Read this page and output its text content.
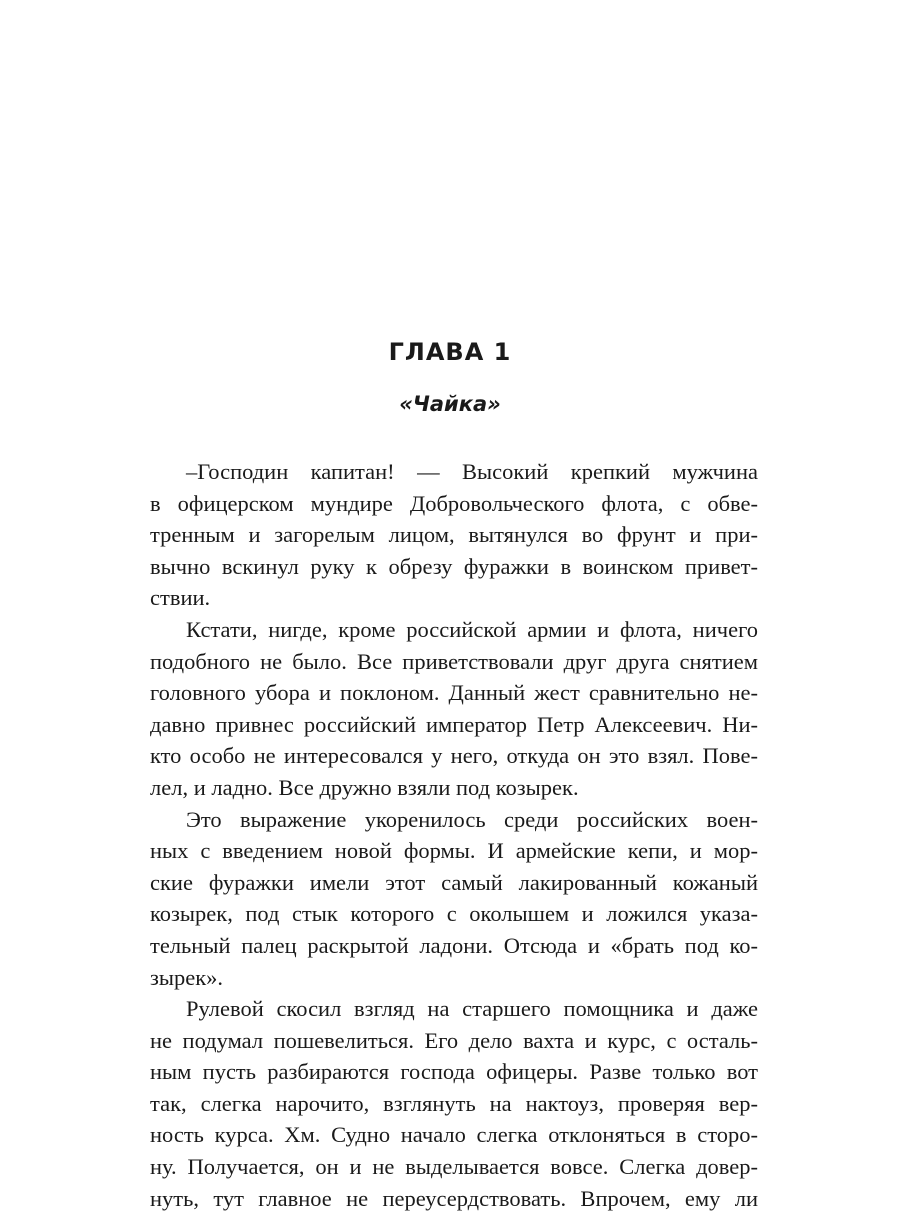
ГЛАВА 1
«Чайка»
–Господин капитан! — Высокий крепкий мужчина
в офицерском мундире Добровольческого флота, с обве-
тренным и загорелым лицом, вытянулся во фрунт и при-
вычно вскинул руку к обрезу фуражки в воинском привет-
ствии.
Кстати, нигде, кроме российской армии и флота, ничего
подобного не было. Все приветствовали друг друга снятием
головного убора и поклоном. Данный жест сравнительно не-
давно привнес российский император Петр Алексеевич. Ни-
кто особо не интересовался у него, откуда он это взял. Пове-
лел, и ладно. Все дружно взяли под козырек.
Это выражение укоренилось среди российских воен-
ных с введением новой формы. И армейские кепи, и мор-
ские фуражки имели этот самый лакированный кожаный
козырек, под стык которого с околышем и ложился указа-
тельный палец раскрытой ладони. Отсюда и «брать под ко-
зырек».
Рулевой скосил взгляд на старшего помощника и даже
не подумал пошевелиться. Его дело вахта и курс, с осталь-
ным пусть разбираются господа офицеры. Разве только вот
так, слегка нарочито, взглянуть на нактоуз, проверяя вер-
ность курса. Хм. Судно начало слегка отклоняться в сторо-
ну. Получается, он и не выделывается вовсе. Слегка довер-
нуть, тут главное не переусердствовать. Впрочем, ему ли
